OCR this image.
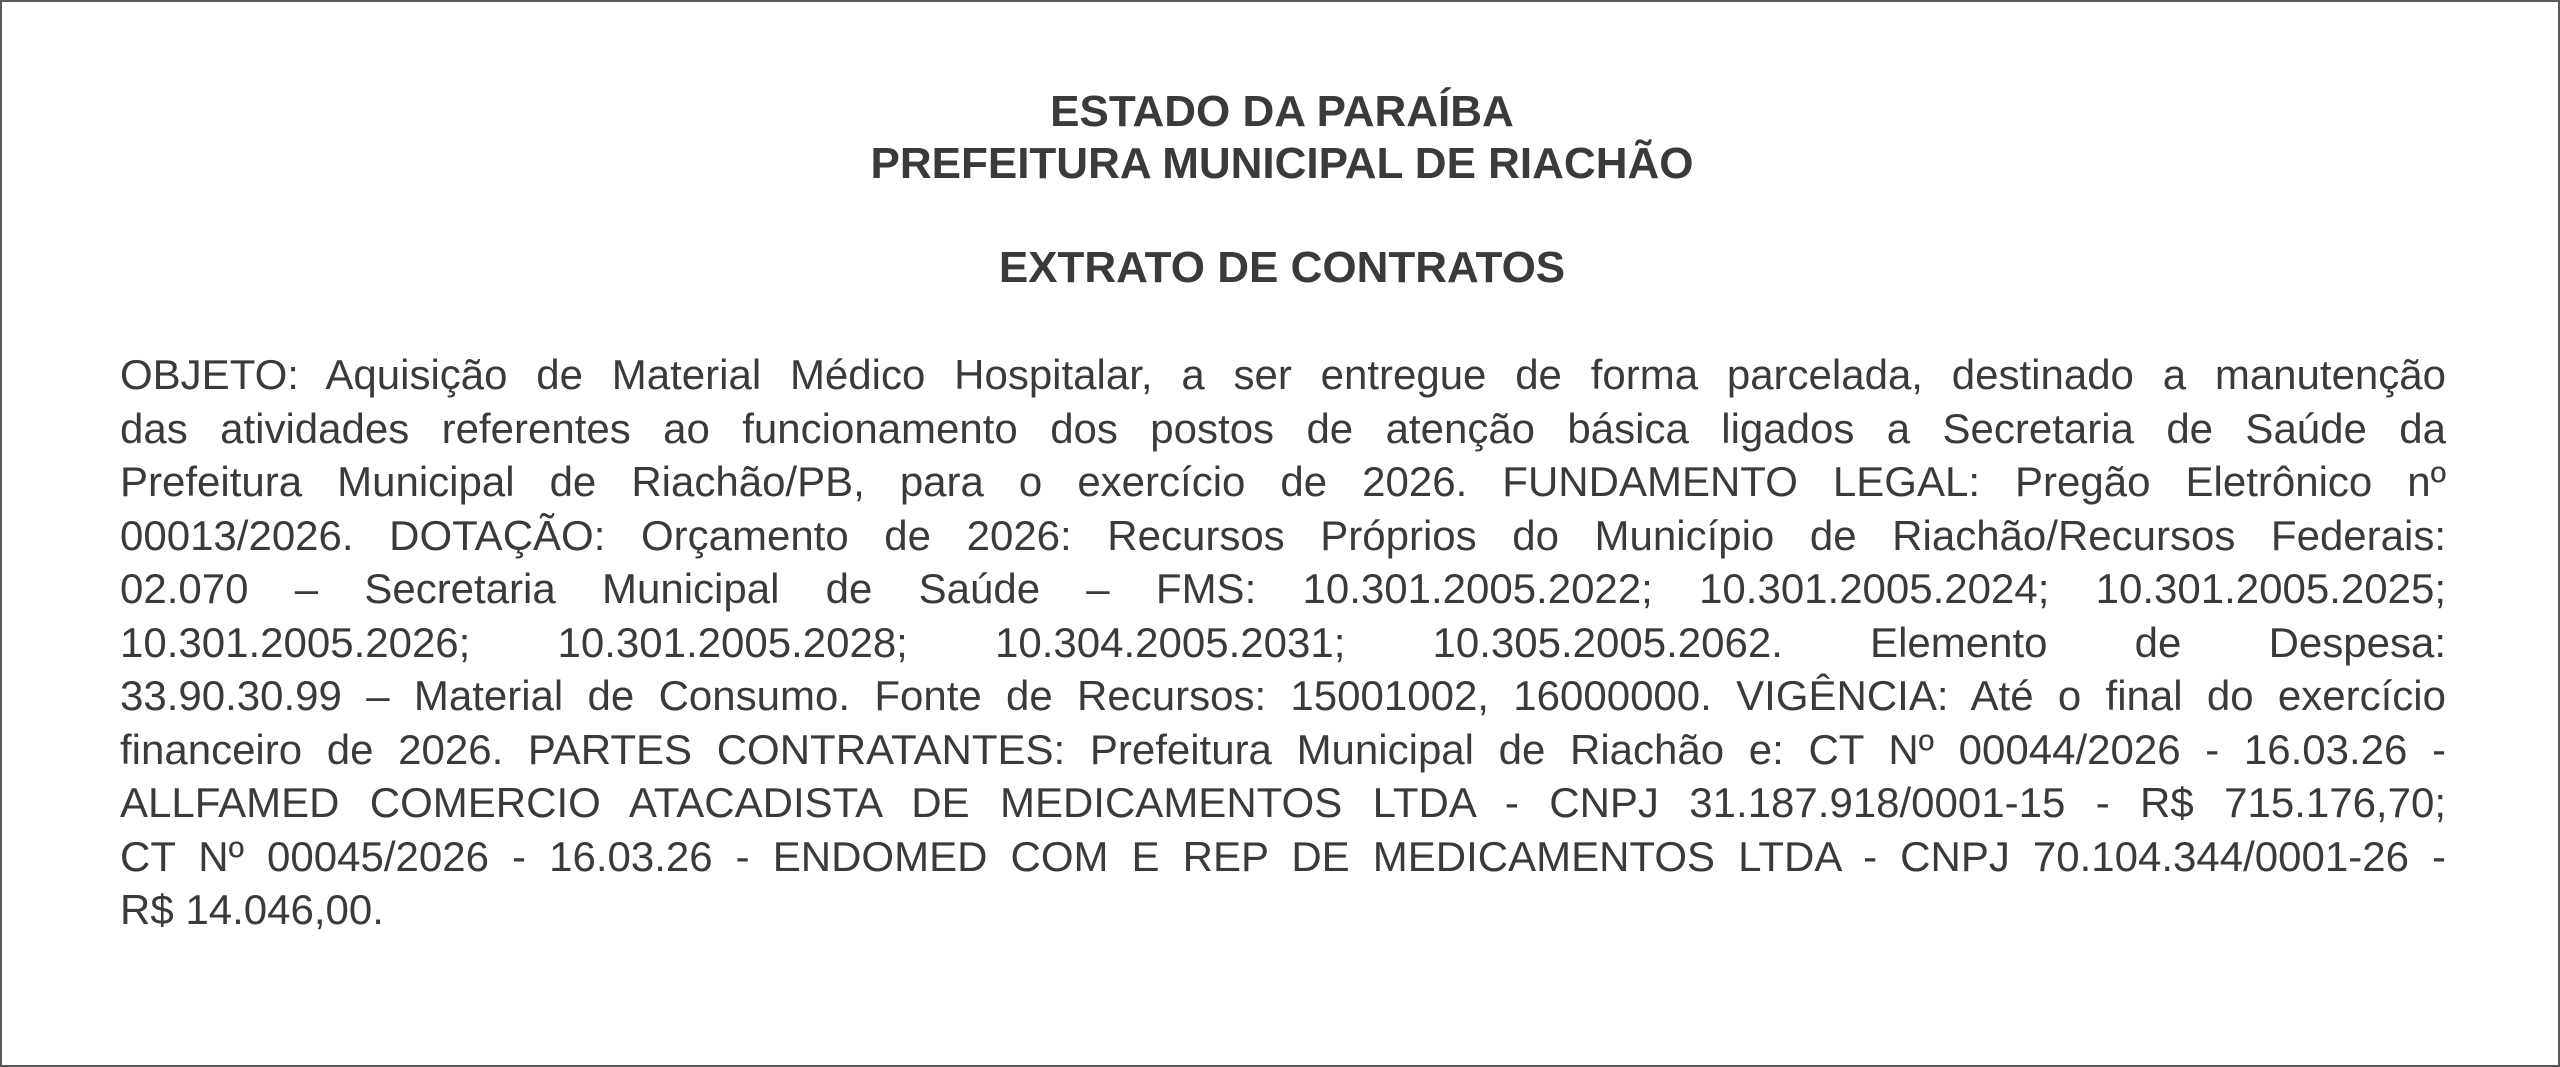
ESTADO DA PARAÍBA
PREFEITURA MUNICIPAL DE RIACHÃO
EXTRATO DE CONTRATOS
OBJETO: Aquisição de Material Médico Hospitalar, a ser entregue de forma parcelada, destinado a manutenção
das atividades referentes ao funcionamento dos postos de atenção básica ligados a Secretaria de Saúde da
Prefeitura Municipal de Riachão/PB, para o exercício de 2026. FUNDAMENTO LEGAL: Pregão Eletrônico nº
00013/2026. DOTAÇÃO: Orçamento de 2026: Recursos Próprios do Município de Riachão/Recursos Federais:
02.070 – Secretaria Municipal de Saúde – FMS: 10.301.2005.2022; 10.301.2005.2024; 10.301.2005.2025;
10.301.2005.2026; 10.301.2005.2028; 10.304.2005.2031; 10.305.2005.2062. Elemento de Despesa:
33.90.30.99 – Material de Consumo. Fonte de Recursos: 15001002, 16000000. VIGÊNCIA: Até o final do exercício
financeiro de 2026. PARTES CONTRATANTES: Prefeitura Municipal de Riachão e: CT Nº 00044/2026 - 16.03.26 -
ALLFAMED COMERCIO ATACADISTA DE MEDICAMENTOS LTDA - CNPJ 31.187.918/0001-15 - R$ 715.176,70;
CT Nº 00045/2026 - 16.03.26 - ENDOMED COM E REP DE MEDICAMENTOS LTDA - CNPJ 70.104.344/0001-26 -
R$ 14.046,00.
